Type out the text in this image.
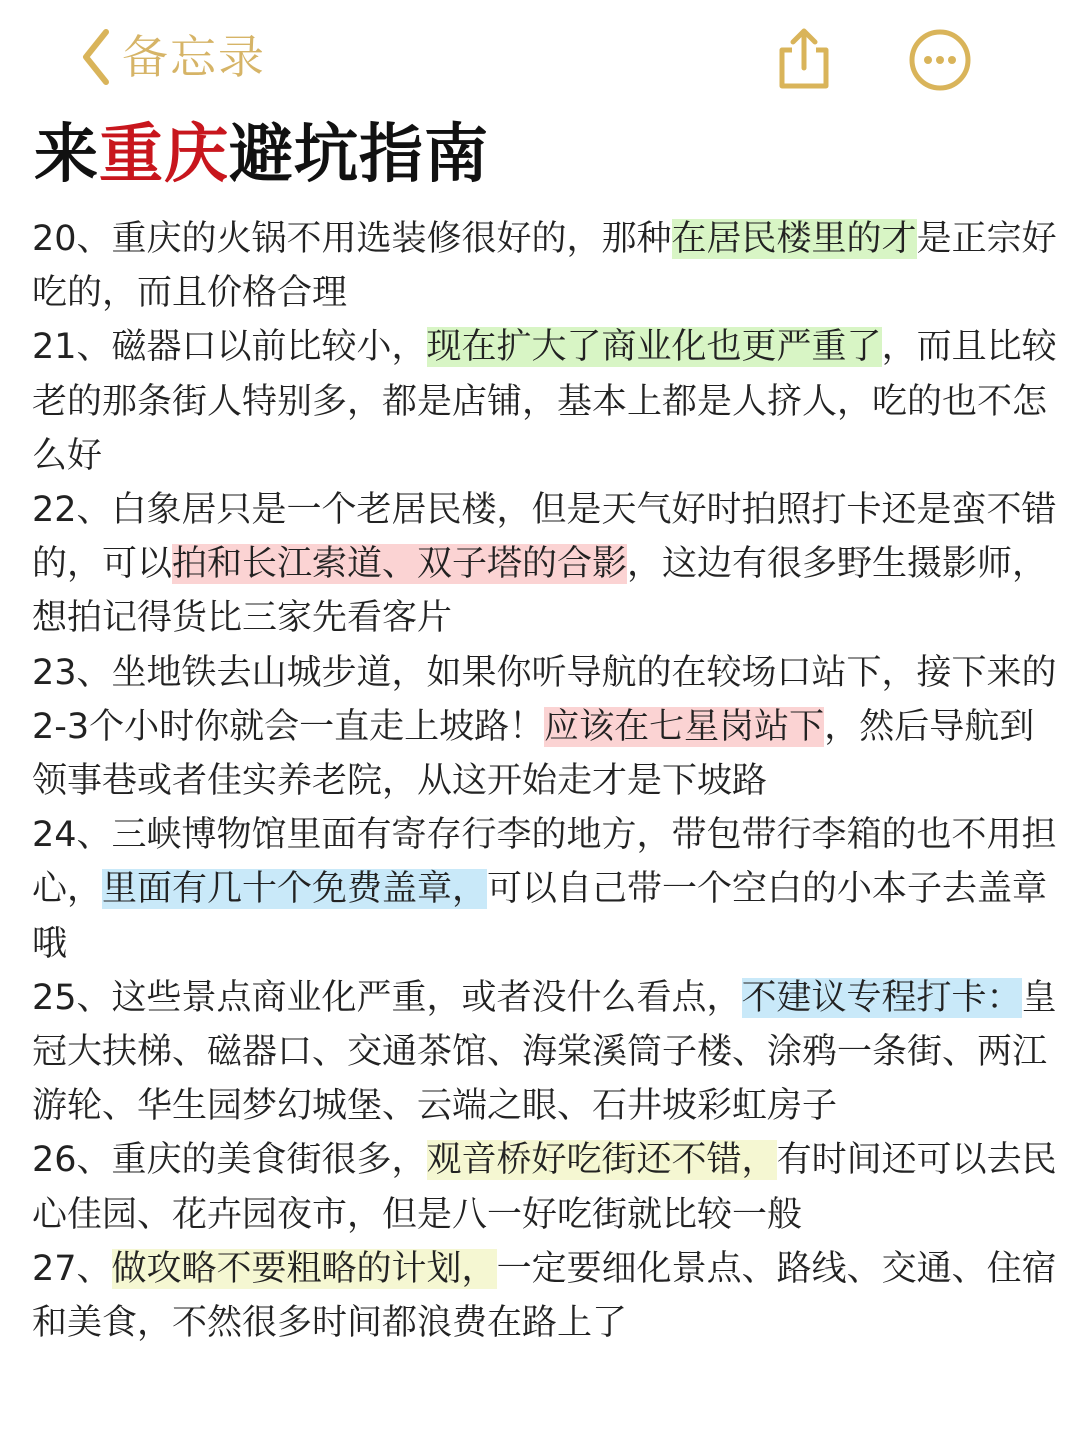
备忘录
来重庆避坑指南

20、重庆的火锅不用选装修很好的，那种在居民楼里的才是正宗好吃的，而且价格合理

21、磁器口以前比较小，现在扩大了商业化也更严重了，而且比较老的那条街人特别多，都是店铺，基本上都是人挤人，吃的也不怎么好

22、白象居只是一个老居民楼，但是天气好时拍照打卡还是蛮不错的，可以拍和长江索道、双子塔的合影，这边有很多野生摄影师，想拍记得货比三家先看客片

23、坐地铁去山城步道，如果你听导航的在较场口站下，接下来的2-3个小时你就会一直走上坡路！应该在七星岗站下，然后导航到领事巷或者佳实养老院，从这开始走才是下坡路

24、三峡博物馆里面有寄存行李的地方，带包带行李箱的也不用担心，里面有几十个免费盖章，可以自己带一个空白的小本子去盖章哦

25、这些景点商业化严重，或者没什么看点，不建议专程打卡：皇冠大扶梯、磁器口、交通茶馆、海棠溪筒子楼、涂鸦一条街、两江游轮、华生园梦幻城堡、云端之眼、石井坡彩虹房子

26、重庆的美食街很多，观音桥好吃街还不错，有时间还可以去民心佳园、花卉园夜市，但是八一好吃街就比较一般

27、做攻略不要粗略的计划，一定要细化景点、路线、交通、住宿和美食，不然很多时间都浪费在路上了
